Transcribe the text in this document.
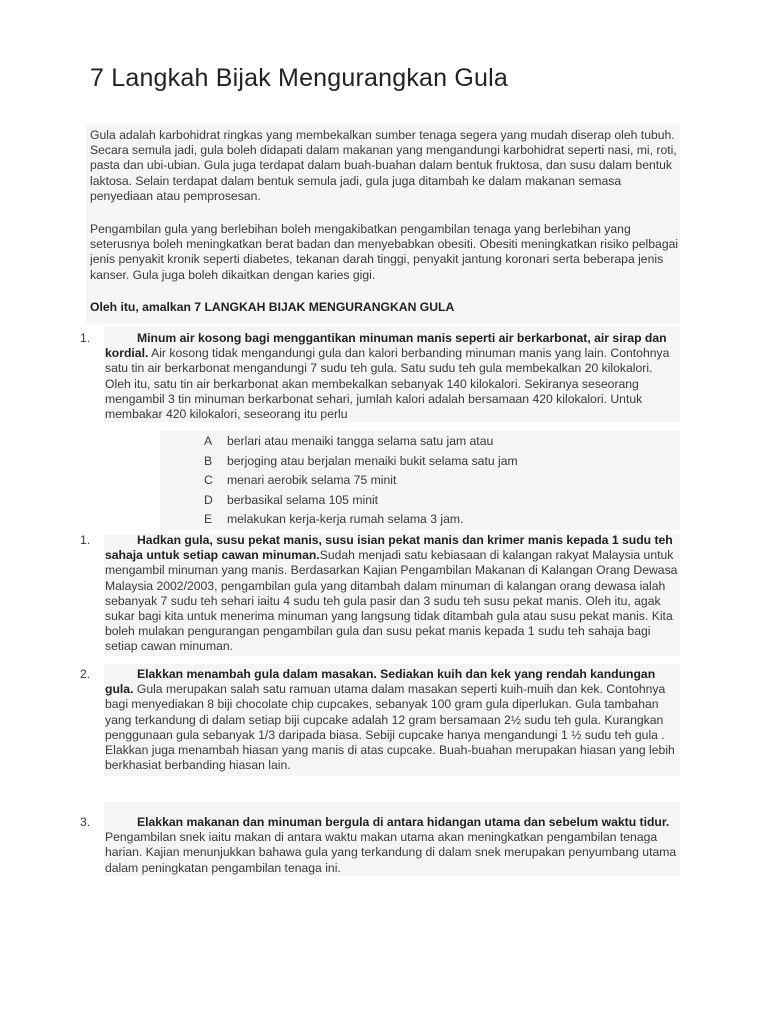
7 Langkah Bijak Mengurangkan Gula

Gula adalah karbohidrat ringkas yang membekalkan sumber tenaga segera yang mudah diserap oleh tubuh. Secara semula jadi, gula boleh didapati dalam makanan yang mengandungi karbohidrat seperti nasi, mi, roti, pasta dan ubi-ubian. Gula juga terdapat dalam buah-buahan dalam bentuk fruktosa, dan susu dalam bentuk laktosa. Selain terdapat dalam bentuk semula jadi, gula juga ditambah ke dalam makanan semasa penyediaan atau pemprosesan.

Pengambilan gula yang berlebihan boleh mengakibatkan pengambilan tenaga yang berlebihan yang seterusnya boleh meningkatkan berat badan dan menyebabkan obesiti. Obesiti meningkatkan risiko pelbagai jenis penyakit kronik seperti diabetes, tekanan darah tinggi, penyakit jantung koronari serta beberapa jenis kanser. Gula juga boleh dikaitkan dengan karies gigi.

Oleh itu, amalkan 7 LANGKAH BIJAK MENGURANGKAN GULA
1.	Minum air kosong bagi menggantikan minuman manis seperti air berkarbonat, air sirap dan kordial. Air kosong tidak mengandungi gula dan kalori berbanding minuman manis yang lain. Contohnya satu tin air berkarbonat mengandungi 7 sudu teh gula. Satu sudu teh gula membekalkan 20 kilokalori. Oleh itu, satu tin air berkarbonat akan membekalkan sebanyak 140 kilokalori. Sekiranya seseorang mengambil 3 tin minuman berkarbonat sehari, jumlah kalori adalah bersamaan 420 kilokalori. Untuk membakar 420 kilokalori, seseorang itu perlu
A	berlari atau menaiki tangga selama satu jam atau
B	berjoging atau berjalan menaiki bukit selama satu jam
C	menari aerobik selama 75 minit
D	berbasikal selama 105 minit
E	melakukan kerja-kerja rumah selama 3 jam.
1.	Hadkan gula, susu pekat manis, susu isian pekat manis dan krimer manis kepada 1 sudu teh sahaja untuk setiap cawan minuman.Sudah menjadi satu kebiasaan di kalangan rakyat Malaysia untuk mengambil minuman yang manis. Berdasarkan Kajian Pengambilan Makanan di Kalangan Orang Dewasa Malaysia 2002/2003, pengambilan gula yang ditambah dalam minuman di kalangan orang dewasa ialah sebanyak 7 sudu teh sehari iaitu 4 sudu teh gula pasir dan 3 sudu teh susu pekat manis. Oleh itu, agak sukar bagi kita untuk menerima minuman yang langsung tidak ditambah gula atau susu pekat manis. Kita boleh mulakan pengurangan pengambilan gula dan susu pekat manis kepada 1 sudu teh sahaja bagi setiap cawan minuman.
2.	Elakkan menambah gula dalam masakan. Sediakan kuih dan kek yang rendah kandungan gula. Gula merupakan salah satu ramuan utama dalam masakan seperti kuih-muih dan kek. Contohnya bagi menyediakan 8 biji chocolate chip cupcakes, sebanyak 100 gram gula diperlukan. Gula tambahan yang terkandung di dalam setiap biji cupcake adalah 12 gram bersamaan 2½ sudu teh gula. Kurangkan penggunaan gula sebanyak 1/3 daripada biasa. Sebiji cupcake hanya mengandungi 1 ½ sudu teh gula . Elakkan juga menambah hiasan yang manis di atas cupcake. Buah-buahan merupakan hiasan yang lebih berkhasiat berbanding hiasan lain.
3.	Elakkan makanan dan minuman bergula di antara hidangan utama dan sebelum waktu tidur. Pengambilan snek iaitu makan di antara waktu makan utama akan meningkatkan pengambilan tenaga harian. Kajian menunjukkan bahawa gula yang terkandung di dalam snek merupakan penyumbang utama dalam peningkatan pengambilan tenaga ini.
